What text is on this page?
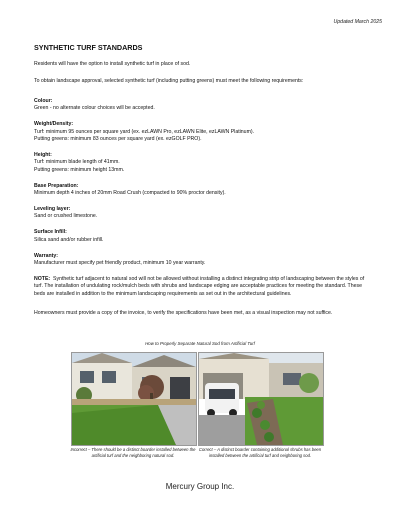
Updated March 2025
SYNTHETIC TURF STANDARDS

Residents will have the option to install synthetic turf in place of sod.

To obtain landscape approval, selected synthetic turf (including putting greens) must meet the following requirements:

Colour:

Green - no alternate colour choices will be accepted.

Weight/Density:

Turf: minimum 95 ounces per square yard (ex. ezLAWN Pro, ezLAWN Elite, ezLAWN Platinum).

Putting greens: minimum 83 ounces per square yard (ex. ezGOLF PRO).

Height:

Turf: minimum blade length of 41mm.

Putting greens: minimum height 13mm.

Base Preparation:

Minimum depth 4 inches of 20mm Road Crush (compacted to 90% proctor density).

Leveling layer:

Sand or crushed limestone.

Surface Infill:

Silica sand and/or rubber infill.

Warranty:

Manufacturer must specify pet friendly product, minimum 10 year warranty.

NOTE: Synthetic turf adjacent to natural sod will not be allowed without installing a distinct integrating strip of landscaping between the styles of turf. The installation of undulating rock/mulch beds with shrubs and landscape edging are acceptable practices for meeting the standard. These beds are installed in addition to the minimum landscaping requirements as set out in the architectural guidelines.

Homeowners must provide a copy of the invoice, to verify the specifications have been met, as a visual inspection may not suffice.

How to Properly Separate Natural Sod from Artificial Turf
Incorrect – There should be a distinct boarder installed between the artificial turf and the neighboring natural sod.
Correct – A distinct boarder containing additional shrubs has been installed between the artificial turf and neighboring sod.
Mercury Group Inc.
